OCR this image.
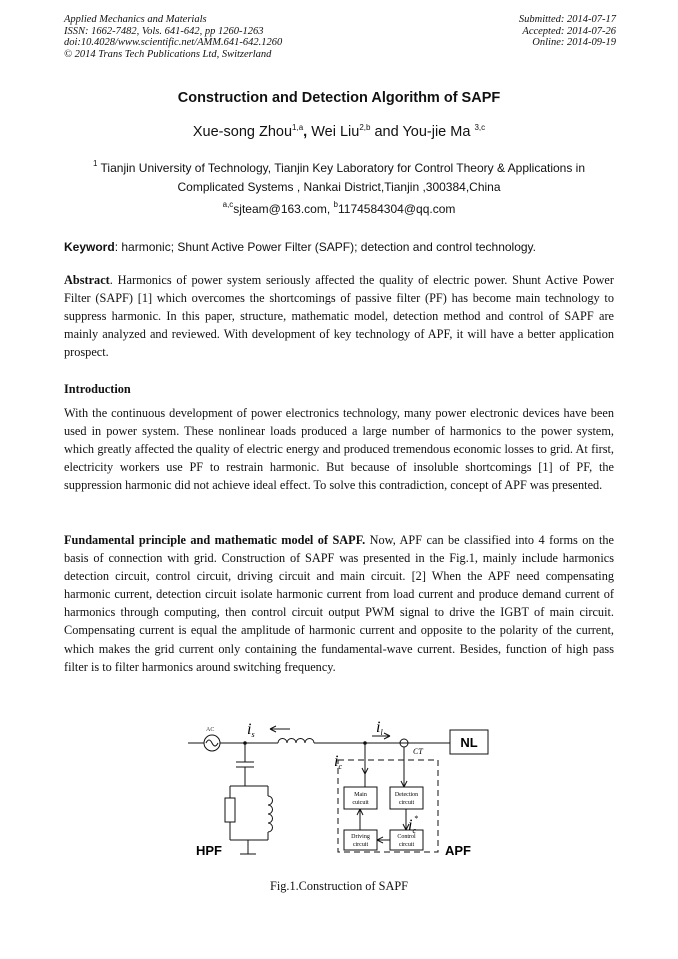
Applied Mechanics and Materials
ISSN: 1662-7482, Vols. 641-642, pp 1260-1263
doi:10.4028/www.scientific.net/AMM.641-642.1260
© 2014 Trans Tech Publications Ltd, Switzerland
Submitted: 2014-07-17
Accepted: 2014-07-26
Online: 2014-09-19
Construction and Detection Algorithm of SAPF
Xue-song Zhou$^{1,a}$, Wei Liu$^{2,b}$ and You-jie Ma $^{3,c}$
$^1$ Tianjin University of Technology, Tianjin Key Laboratory for Control Theory & Applications in Complicated Systems , Nankai District,Tianjin ,300384,China
$^{a,c}$sjteam@163.com, $^b$1174584304@qq.com
Keyword: harmonic; Shunt Active Power Filter (SAPF); detection and control technology.

Abstract. Harmonics of power system seriously affected the quality of electric power. Shunt Active Power Filter (SAPF) [1] which overcomes the shortcomings of passive filter (PF) has become main technology to suppress harmonic. In this paper, structure, mathematic model, detection method and control of SAPF are mainly analyzed and reviewed. With development of key technology of APF, it will have a better application prospect.

Introduction

With the continuous development of power electronics technology, many power electronic devices have been used in power system. These nonlinear loads produced a large number of harmonics to the power system, which greatly affected the quality of electric energy and produced tremendous economic losses to grid. At first, electricity workers use PF to restrain harmonic. But because of insoluble shortcomings [1] of PF, the suppression harmonic did not achieve ideal effect. To solve this contradiction, concept of APF was presented.

Fundamental principle and mathematic model of SAPF. Now, APF can be classified into 4 forms on the basis of connection with grid. Construction of SAPF was presented in the Fig.1, mainly include harmonics detection circuit, control circuit, driving circuit and main circuit. [2] When the APF need compensating harmonic current, detection circuit isolate harmonic current from load current and produce demand current of harmonics through computing, then control circuit output PWM signal to drive the IGBT of main circuit. Compensating current is equal the amplitude of harmonic current and opposite to the polarity of the current, which makes the grid current only containing the fundamental-wave current. Besides, function of high pass filter is to filter harmonics around switching frequency.

AC is	il
ic
ic*
CT
NL
Main
cuicuit
Detection
circuit
Driving
circuit
Control
circuit
HPF	APF
Fig.1.Construction of SAPF
